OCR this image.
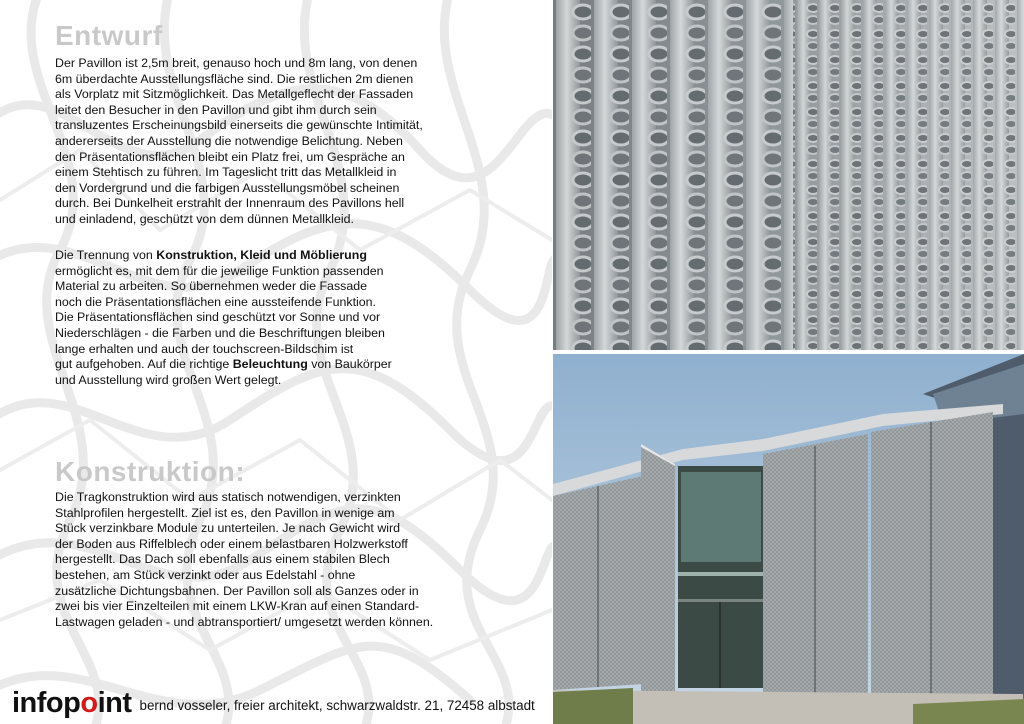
Entwurf

Der Pavillon ist 2,5m breit, genauso hoch und 8m lang, von denen
6m überdachte Ausstellungsfläche sind. Die restlichen 2m dienen
als Vorplatz mit Sitzmöglichkeit. Das Metallgeflecht der Fassaden
leitet den Besucher in den Pavillon und gibt ihm durch sein
transluzentes Erscheinungsbild einerseits die gewünschte Intimität,
andererseits der Ausstellung die notwendige Belichtung. Neben
den Präsentationsflächen bleibt ein Platz frei, um Gespräche an
einem Stehtisch zu führen. Im Tageslicht tritt das Metallkleid in
den Vordergrund und die farbigen Ausstellungsmöbel scheinen
durch. Bei Dunkelheit erstrahlt der Innenraum des Pavillons hell
und einladend, geschützt von dem dünnen Metallkleid.

Die Trennung von Konstruktion, Kleid und Möblierung
ermöglicht es, mit dem für die jeweilige Funktion passenden
Material zu arbeiten. So übernehmen weder die Fassade
noch die Präsentationsflächen eine aussteifende Funktion.
Die Präsentationsflächen sind geschützt vor Sonne und vor
Niederschlägen - die Farben und die Beschriftungen bleiben
lange erhalten und auch der touchscreen-Bildschim ist
gut aufgehoben. Auf die richtige Beleuchtung von Baukörper
und Ausstellung wird großen Wert gelegt.

Konstruktion:

Die Tragkonstruktion wird aus statisch notwendigen, verzinkten
Stahlprofilen hergestellt. Ziel ist es, den Pavillon in wenige am
Stück verzinkbare Module zu unterteilen. Je nach Gewicht wird
der Boden aus Riffelblech oder einem belastbaren Holzwerkstoff
hergestellt. Das Dach soll ebenfalls aus einem stabilen Blech
bestehen, am Stück verzinkt oder aus Edelstahl - ohne
zusätzliche Dichtungsbahnen. Der Pavillon soll als Ganzes oder in
zwei bis vier Einzelteilen mit einem LKW-Kran auf einen Standard-
Lastwagen geladen - und abtransportiert/ umgesetzt werden können.

infopoint bernd vosseler, freier architekt, schwarzwaldstr. 21, 72458 albstadt
